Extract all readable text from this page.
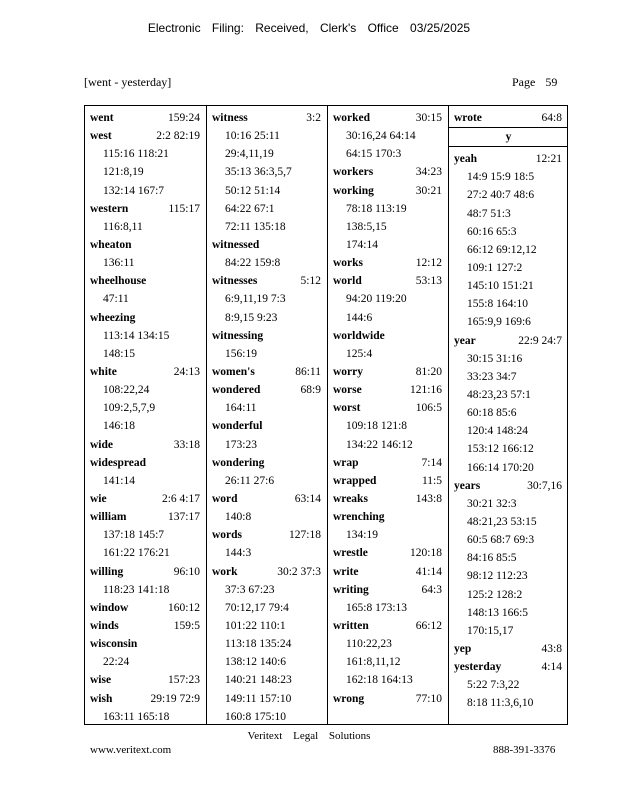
Electronic Filing: Received, Clerk's Office 03/25/2025
[went - yesterday]	Page 59
went	159:24
west	2:2 82:19
115:16 118:21
121:8,19
132:14 167:7
western	115:17
116:8,11
wheaton
136:11
wheelhouse
47:11
wheezing
113:14 134:15
148:15
white	24:13
108:22,24
109:2,5,7,9
146:18
wide	33:18
widespread
141:14
wie	2:6 4:17
william	137:17
137:18 145:7
161:22 176:21
willing	96:10
118:23 141:18
window	160:12
winds	159:5
wisconsin
22:24
wise	157:23
wish	29:19 72:9
163:11 165:18
witness	3:2
10:16 25:11
29:4,11,19
35:13 36:3,5,7
50:12 51:14
64:22 67:1
72:11 135:18
witnessed
84:22 159:8
witnesses	5:12
6:9,11,19 7:3
8:9,15 9:23
witnessing
156:19
women's	86:11
wondered	68:9
164:11
wonderful
173:23
wondering
26:11 27:6
word	63:14
140:8
words	127:18
144:3
work	30:2 37:3
37:3 67:23
70:12,17 79:4
101:22 110:1
113:18 135:24
138:12 140:6
140:21 148:23
149:11 157:10
160:8 175:10
worked	30:15
30:16,24 64:14
64:15 170:3
workers	34:23
working	30:21
78:18 113:19
138:5,15
174:14
works	12:12
world	53:13
94:20 119:20
144:6
worldwide
125:4
worry	81:20
worse	121:16
worst	106:5
109:18 121:8
134:22 146:12
wrap	7:14
wrapped	11:5
wreaks	143:8
wrenching
134:19
wrestle	120:18
write	41:14
writing	64:3
165:8 173:13
written	66:12
110:22,23
161:8,11,12
162:18 164:13
wrong	77:10
wrote	64:8
y
yeah	12:21
14:9 15:9 18:5
27:2 40:7 48:6
48:7 51:3
60:16 65:3
66:12 69:12,12
109:1 127:2
145:10 151:21
155:8 164:10
165:9,9 169:6
year	22:9 24:7
30:15 31:16
33:23 34:7
48:23,23 57:1
60:18 85:6
120:4 148:24
153:12 166:12
166:14 170:20
years	30:7,16
30:21 32:3
48:21,23 53:15
60:5 68:7 69:3
84:16 85:5
98:12 112:23
125:2 128:2
148:13 166:5
170:15,17
yep	43:8
yesterday	4:14
5:22 7:3,22
8:18 11:3,6,10
Veritext Legal Solutions
www.veritext.com	888-391-3376
